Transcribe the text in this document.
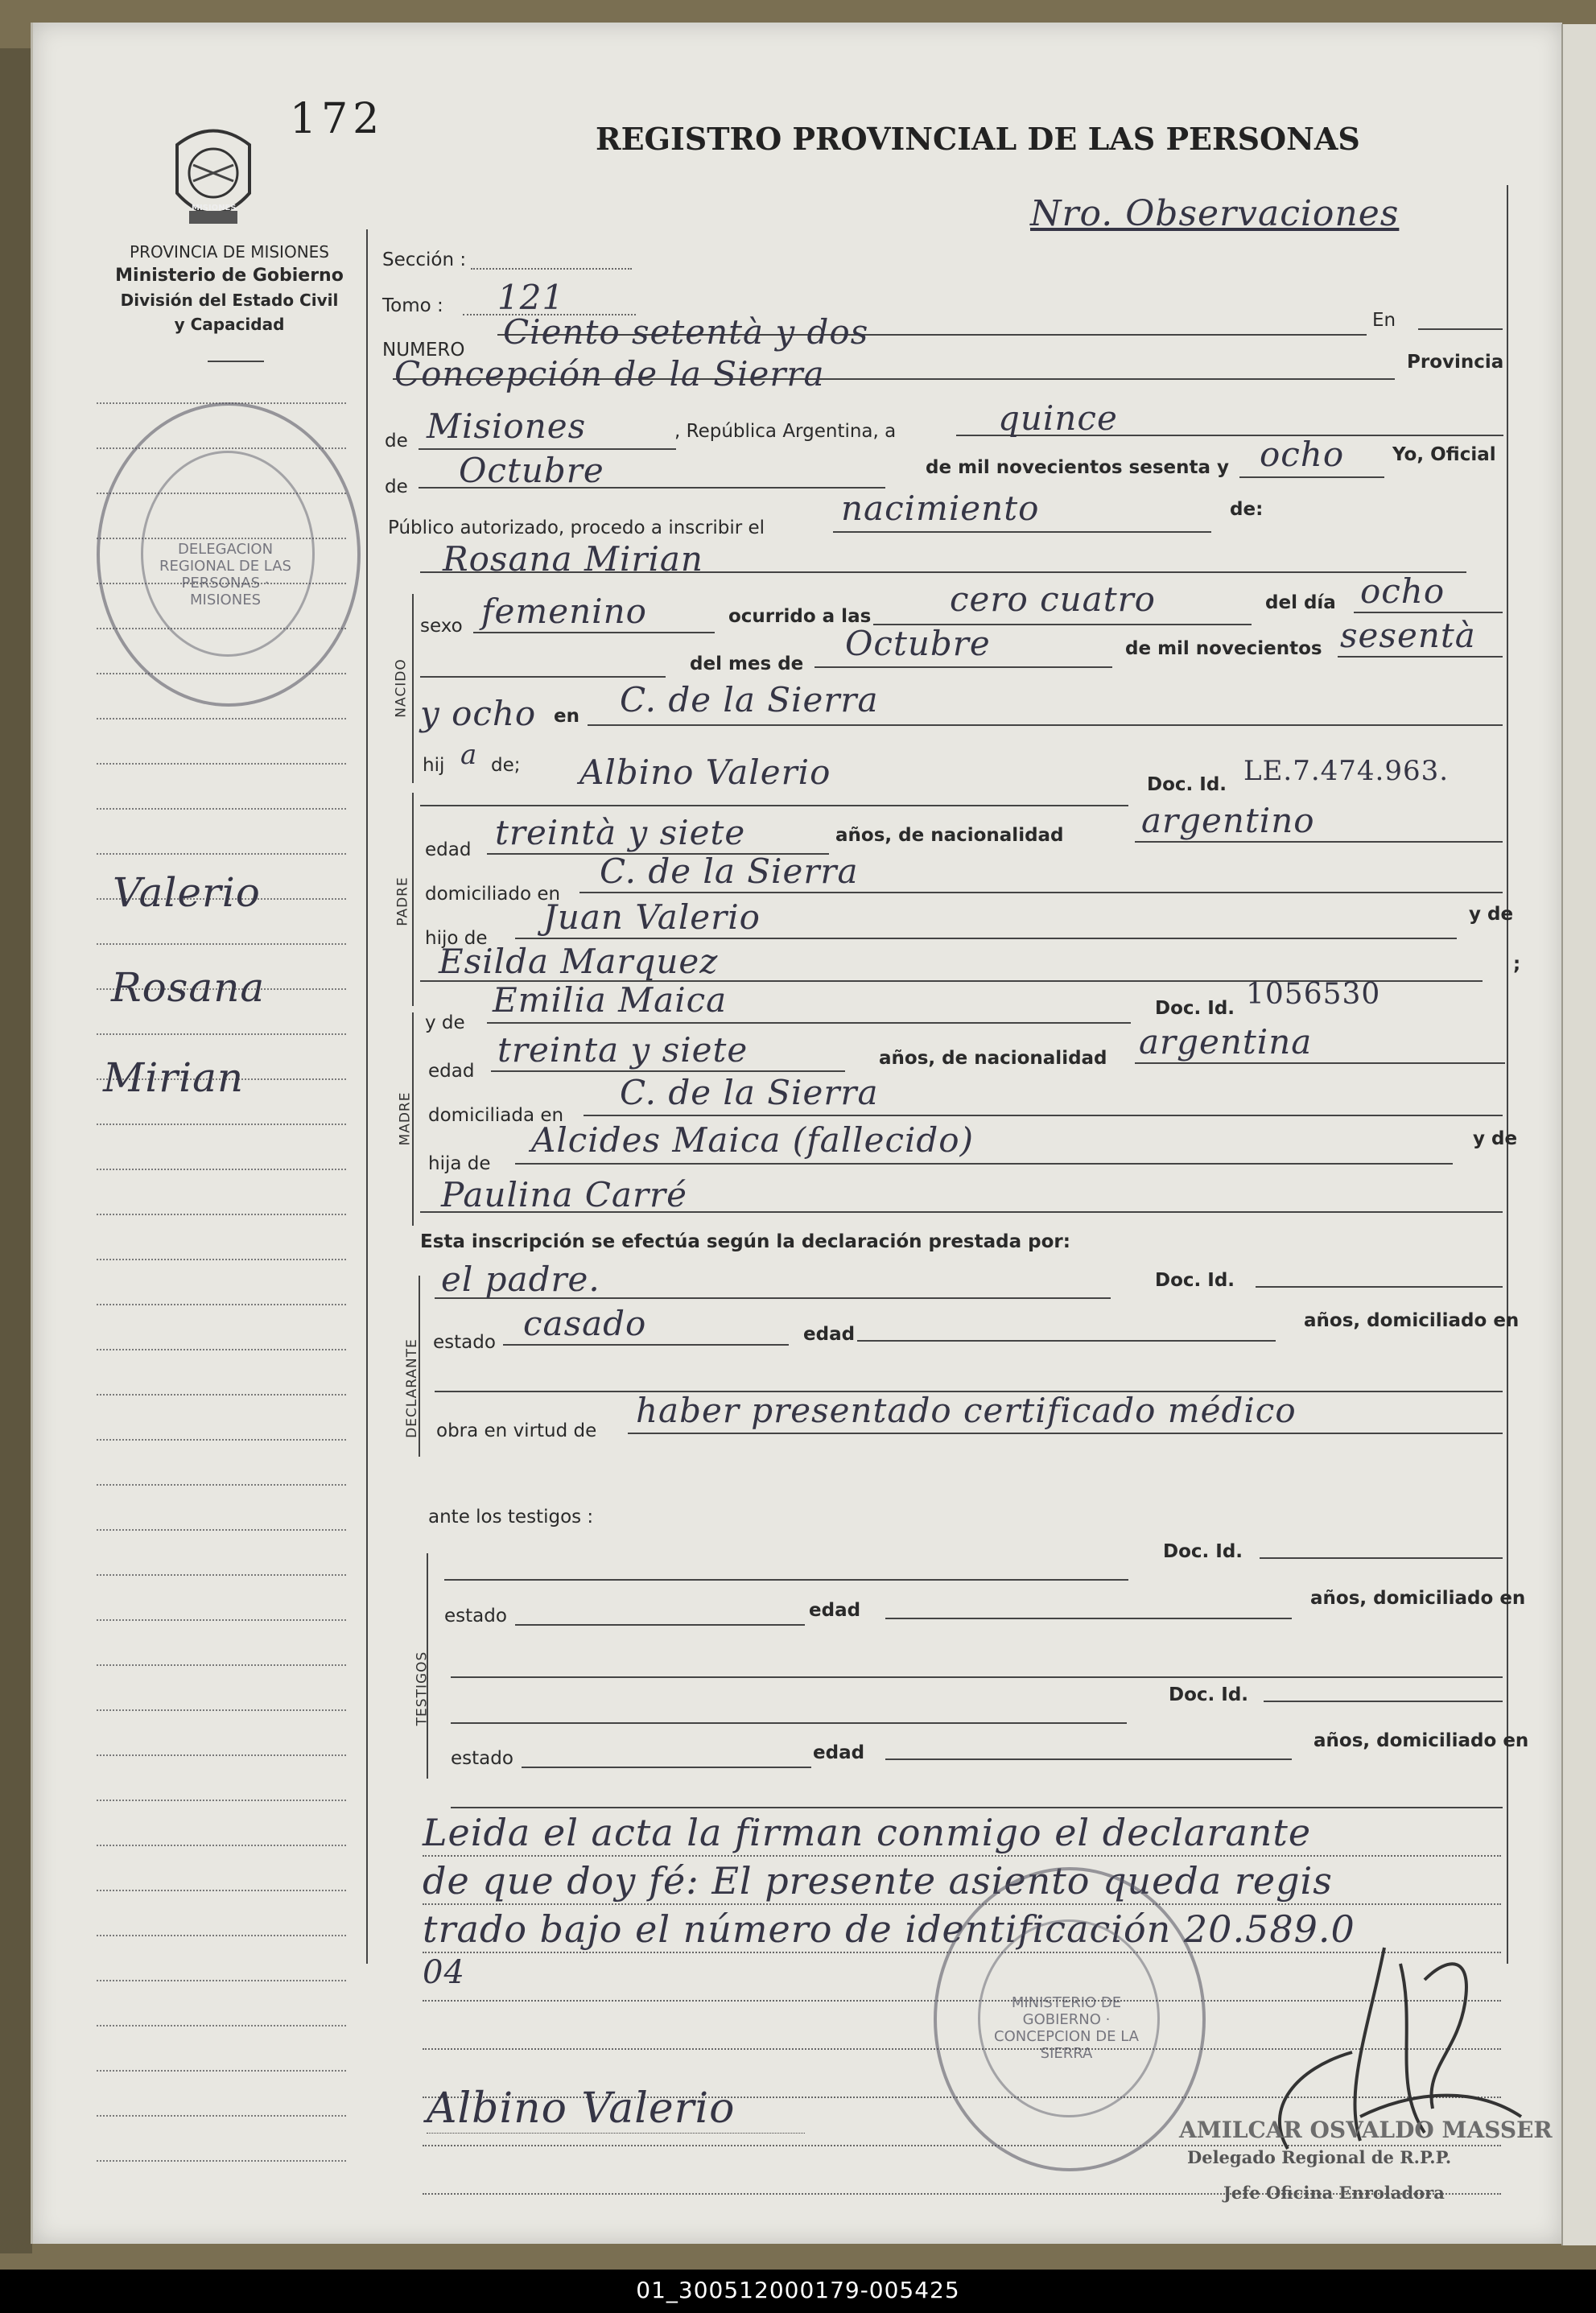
172	REGISTRO PROVINCIAL DE LAS PERSONAS
Nro. Observaciones
MISIONES
PROVINCIA DE MISIONES
Ministerio de Gobierno
División del Estado Civil
y Capacidad
Valerio
Rosana
Mirian
DELEGACION REGIONAL DE LAS PERSONAS · MISIONES
NACIDO
PADRE
MADRE
DECLARANTE
TESTIGOS
Sección :
Tomo : 121
NUMERO Ciento setentà y dos	En
Concepción de la Sierra	Provincia
de Misiones	, República Argentina, a	quince
de Octubre	de mil novecientos sesenta y ocho	Yo, Oficial
Público autorizado, procedo a inscribir el nacimiento	de:
Rosana Mirian
sexo femenino	ocurrido a las cero cuatro	del día ocho
del mes de
Octubre	de mil novecientos sesentà
y ocho en C. de la Sierra
hij a de; Albino Valerio	Doc. Id. LE.7.474.963.
edad treintà y siete	años, de nacionalidad argentino
domiciliado en
C. de la Sierra
hijo de
Juan Valerio	y de
Esilda Marquez	;
y de
Emilia Maica	Doc. Id. 1056530
edad
treinta y siete	años, de nacionalidad argentina
domiciliada en
C. de la Sierra
hija de
Alcides Maica (fallecido)	y de
Paulina Carré
Esta inscripción se efectúa según la declaración prestada por:
el padre.	Doc. Id.
estado casado	edad
años, domiciliado en
obra en virtud de
haber presentado certificado médico
ante los testigos :
Doc. Id.
estado	edad
años, domiciliado en
Doc. Id.
estado	edad
años, domiciliado en
Leida el acta la firman conmigo el declarante
de que doy fé: El presente asiento queda regis
trado bajo el número de identificación 20.589.0
04
Albino Valerio	AMILCAR OSVALDO MASSER
Delegado Regional de R.P.P.
Jefe Oficina Enroladora
MINISTERIO DE GOBIERNO · CONCEPCION DE LA SIERRA
01_300512000179-005425
